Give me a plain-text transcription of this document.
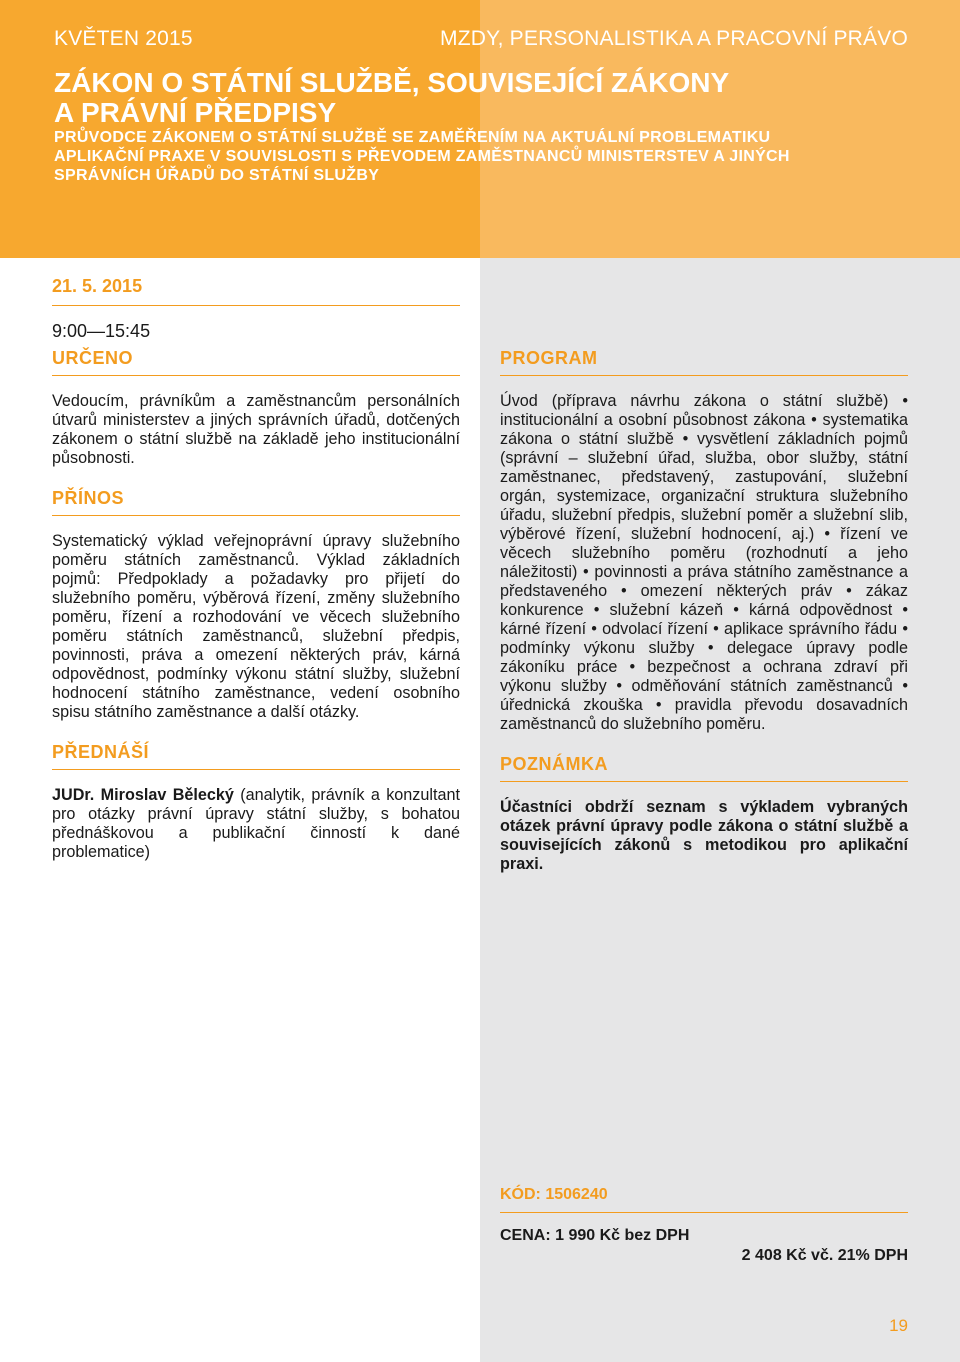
KVĚTEN 2015	MZDY, PERSONALISTIKA A PRACOVNÍ PRÁVO
ZÁKON O STÁTNÍ SLUŽBĚ, SOUVISEJÍCÍ ZÁKONY
A PRÁVNÍ PŘEDPISY
PRŮVODCE ZÁKONEM O STÁTNÍ SLUŽBĚ SE ZAMĚŘENÍM NA AKTUÁLNÍ PROBLEMATIKU
APLIKAČNÍ PRAXE V SOUVISLOSTI S PŘEVODEM ZAMĚSTNANCŮ MINISTERSTEV A JINÝCH
SPRÁVNÍCH ÚŘADŮ DO STÁTNÍ SLUŽBY
21. 5. 2015
9:00—15:45
URČENO

Vedoucím, právníkům a zaměstnancům personálních útvarů ministerstev a jiných správních úřadů, dotčených zákonem o státní službě na základě jeho institucionální působnosti.

PŘÍNOS

Systematický výklad veřejnoprávní úpravy služebního poměru státních zaměstnanců. Výklad základních pojmů: Předpoklady a požadavky pro přijetí do služebního poměru, výběrová řízení, změny služebního poměru, řízení a rozhodování ve věcech služebního poměru státních zaměstnanců, služební předpis, povinnosti, práva a omezení některých práv, kárná odpovědnost, podmínky výkonu státní služby, služební hodnocení státního zaměstnance, vedení osobního spisu státního zaměstnance a další otázky.

PŘEDNÁŠÍ

JUDr. Miroslav Bělecký (analytik, právník a konzultant pro otázky právní úpravy státní služby, s bohatou přednáškovou a publikační činností k dané problematice)

PROGRAM

Úvod (příprava návrhu zákona o státní službě) • institucionální a osobní působnost zákona • systematika zákona o státní službě • vysvětlení základních pojmů (správní – služební úřad, služba, obor služby, státní zaměstnanec, představený, zastupování, služební orgán, systemizace, organizační struktura služebního úřadu, služební předpis, služební poměr a služební slib, výběrové řízení, služební hodnocení, aj.) • řízení ve věcech služebního poměru (rozhodnutí a jeho náležitosti) • povinnosti a práva státního zaměstnance a představeného • omezení některých práv • zákaz konkurence • služební kázeň • kárná odpovědnost • kárné řízení • odvolací řízení • aplikace správního řádu • podmínky výkonu služby • delegace úpravy podle zákoníku práce • bezpečnost a ochrana zdraví při výkonu služby • odměňování státních zaměstnanců • úřednická zkouška • pravidla převodu dosavadních zaměstnanců do služebního poměru.

POZNÁMKA

Účastníci obdrží seznam s výkladem vybraných otázek právní úpravy podle zákona o státní službě a souvisejících zákonů s metodikou pro aplikační praxi.

KÓD: 1506240
CENA: 1 990 Kč bez DPH
2 408 Kč vč. 21% DPH
19
